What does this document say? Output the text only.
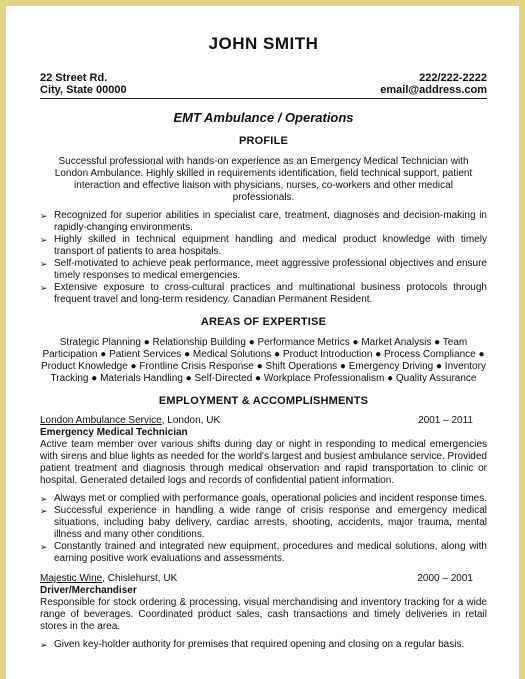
JOHN SMITH
22 Street Rd.
City, State 00000
222/222-2222
email@address.com
EMT Ambulance / Operations
PROFILE
Successful professional with hands-on experience as an Emergency Medical Technician with London Ambulance. Highly skilled in requirements identification, field technical support, patient interaction and effective liaison with physicians, nurses, co-workers and other medical professionals.
➢ Recognized for superior abilities in specialist care, treatment, diagnoses and decision-making in rapidly-changing environments.
➢ Highly skilled in technical equipment handling and medical product knowledge with timely transport of patients to area hospitals.
➢ Self-motivated to achieve peak performance, meet aggressive professional objectives and ensure timely responses to medical emergencies.
➢ Extensive exposure to cross-cultural practices and multinational business protocols through frequent travel and long-term residency. Canadian Permanent Resident.
AREAS OF EXPERTISE
Strategic Planning ● Relationship Building ● Performance Metrics ● Market Analysis ● Team Participation ● Patient Services ● Medical Solutions ● Product Introduction ● Process Compliance ● Product Knowledge ● Frontline Crisis Response ● Shift Operations ● Emergency Driving ● Inventory Tracking ● Materials Handling ● Self-Directed ● Workplace Professionalism ● Quality Assurance
EMPLOYMENT & ACCOMPLISHMENTS
London Ambulance Service, London, UK	2001 – 2011
Emergency Medical Technician
Active team member over various shifts during day or night in responding to medical emergencies with sirens and blue lights as needed for the world's largest and busiest ambulance service. Provided patient treatment and diagnosis through medical observation and rapid transportation to clinic or hospital. Generated detailed logs and records of confidential patient information.
➢ Always met or complied with performance goals, operational policies and incident response times.
➢ Successful experience in handling a wide range of crisis response and emergency medical situations, including baby delivery, cardiac arrests, shooting, accidents, major trauma, mental illness and many other conditions.
➢ Constantly trained and integrated new equipment, procedures and medical solutions, along with earning positive work evaluations and assessments.
Majestic Wine, Chislehurst, UK	2000 – 2001
Driver/Merchandiser
Responsible for stock ordering & processing, visual merchandising and inventory tracking for a wide range of beverages. Coordinated product sales, cash transactions and timely deliveries in retail stores in the area.
➢ Given key-holder authority for premises that required opening and closing on a regular basis.
